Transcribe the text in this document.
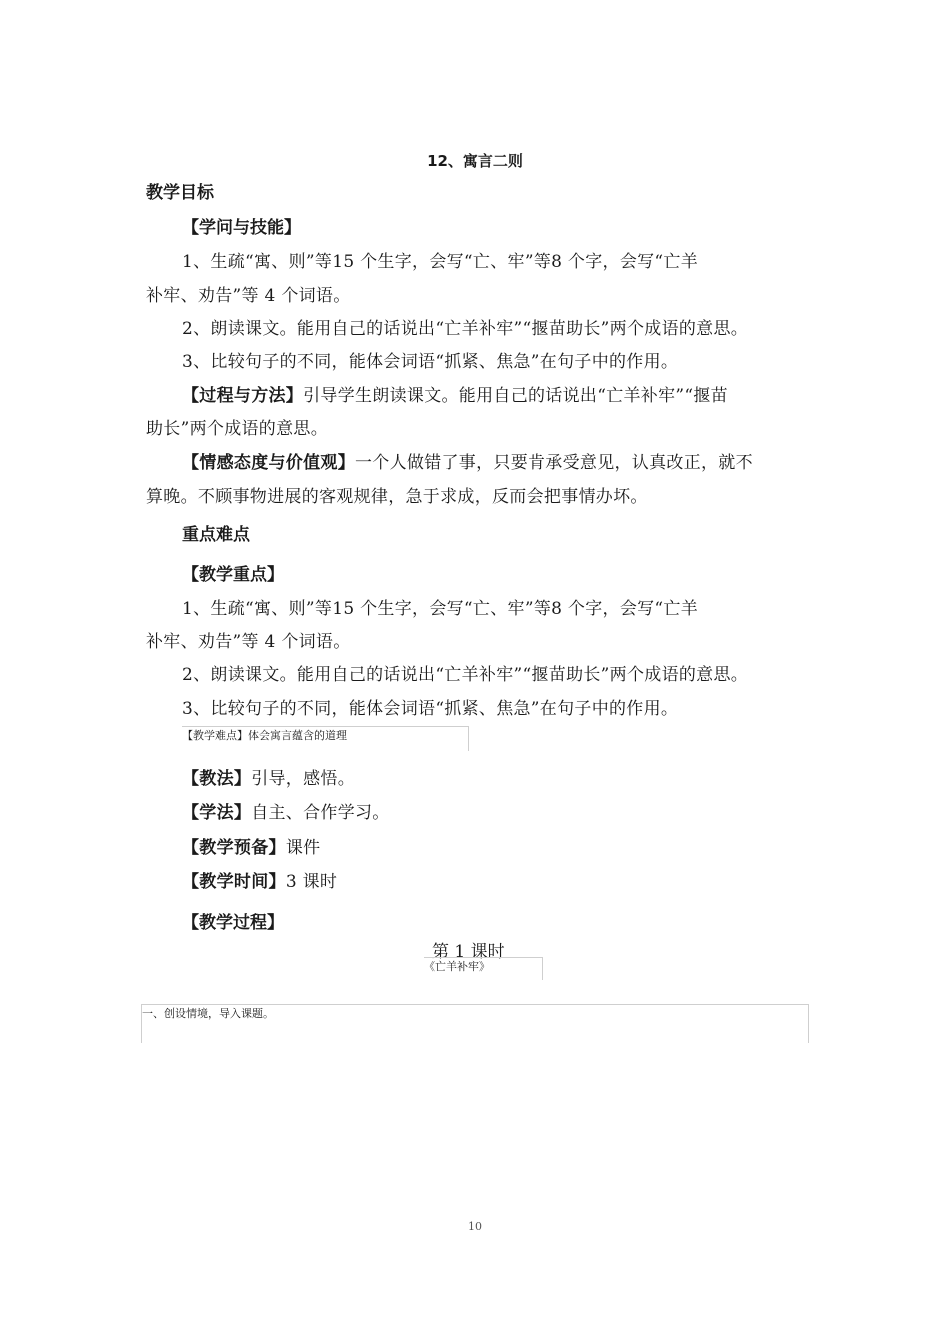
12、寓言二则
教学目标
【学问与技能】
1、生疏“寓、则”等15 个生字，会写“亡、牢”等8 个字，会写“亡羊
补牢、劝告”等 4 个词语。
2、朗读课文。能用自己的话说出“亡羊补牢”“揠苗助长”两个成语的意思。
3、比较句子的不同，能体会词语“抓紧、焦急”在句子中的作用。
【过程与方法】引导学生朗读课文。能用自己的话说出“亡羊补牢”“揠苗
助长”两个成语的意思。
【情感态度与价值观】一个人做错了事，只要肯承受意见，认真改正，就不
算晚。不顾事物进展的客观规律，急于求成，反而会把事情办坏。
重点难点
【教学重点】
1、生疏“寓、则”等15 个生字，会写“亡、牢”等8 个字，会写“亡羊
补牢、劝告”等 4 个词语。
2、朗读课文。能用自己的话说出“亡羊补牢”“揠苗助长”两个成语的意思。
3、比较句子的不同，能体会词语“抓紧、焦急”在句子中的作用。
【教学难点】体会寓言蕴含的道理
【教法】引导，感悟。
【学法】自主、合作学习。
【教学预备】课件
【教学时间】3 课时
【教学过程】
第 1 课时
《亡羊补牢》
一、创设情境，导入课题。
10
